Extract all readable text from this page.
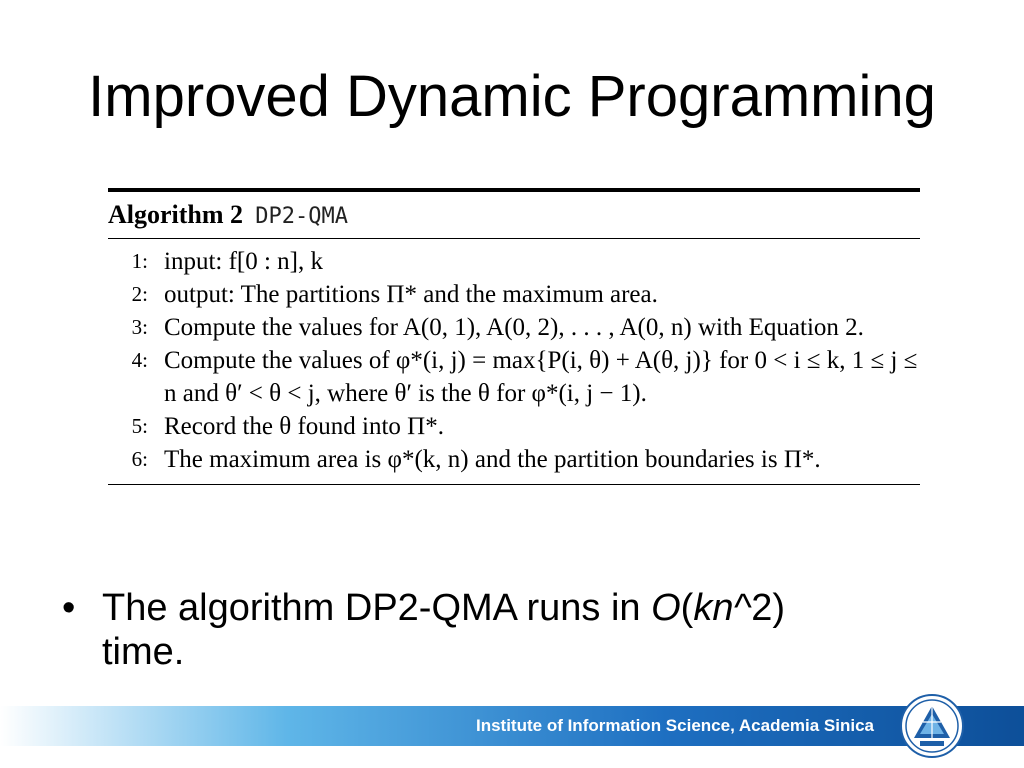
Improved Dynamic Programming
Algorithm 2 DP2-QMA
1: input: f[0 : n], k
2: output: The partitions Π* and the maximum area.
3: Compute the values for A(0, 1), A(0, 2), . . . , A(0, n) with Equation 2.
4: Compute the values of φ*(i, j) = max{P(i, θ) + A(θ, j)} for 0 < i ≤ k, 1 ≤ j ≤ n and θ′ < θ < j, where θ′ is the θ for φ*(i, j − 1).
5: Record the θ found into Π*.
6: The maximum area is φ*(k, n) and the partition boundaries is Π*.
• The algorithm DP2-QMA runs in O(kn^2)
time.
Institute of Information Science, Academia Sinica
